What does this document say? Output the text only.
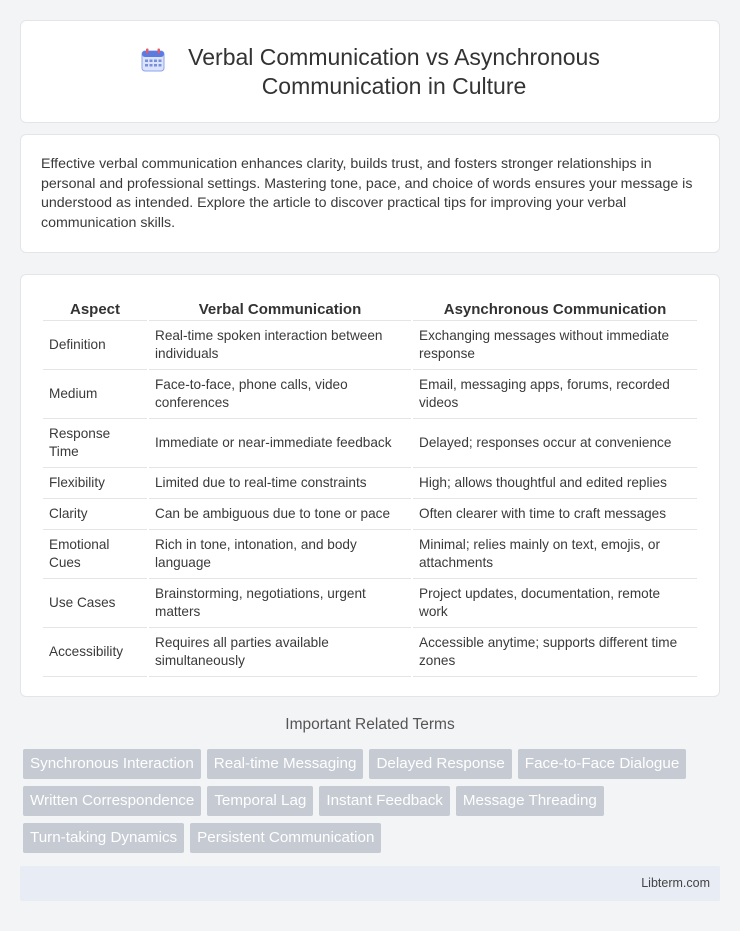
Verbal Communication vs Asynchronous
Communication in Culture

Effective verbal communication enhances clarity, builds trust, and fosters stronger relationships in personal and professional settings. Mastering tone, pace, and choice of words ensures your message is understood as intended. Explore the article to discover practical tips for improving your verbal communication skills.

Aspect		Verbal Communication		Asynchronous Communication
Definition		Real-time spoken interaction between individuals		Exchanging messages without immediate response
Medium		Face-to-face, phone calls, video conferences		Email, messaging apps, forums, recorded videos
Response Time		Immediate or near-immediate feedback		Delayed; responses occur at convenience
Flexibility		Limited due to real-time constraints		High; allows thoughtful and edited replies
Clarity		Can be ambiguous due to tone or pace		Often clearer with time to craft messages
Emotional Cues		Rich in tone, intonation, and body language		Minimal; relies mainly on text, emojis, or attachments
Use Cases		Brainstorming, negotiations, urgent matters		Project updates, documentation, remote work
Accessibility		Requires all parties available simultaneously		Accessible anytime; supports different time zones
Important Related Terms
Synchronous Interaction	Real-time Messaging	Delayed Response	Face-to-Face Dialogue
Written Correspondence	Temporal Lag	Instant Feedback	Message Threading
Turn-taking Dynamics	Persistent Communication
Libterm.com
